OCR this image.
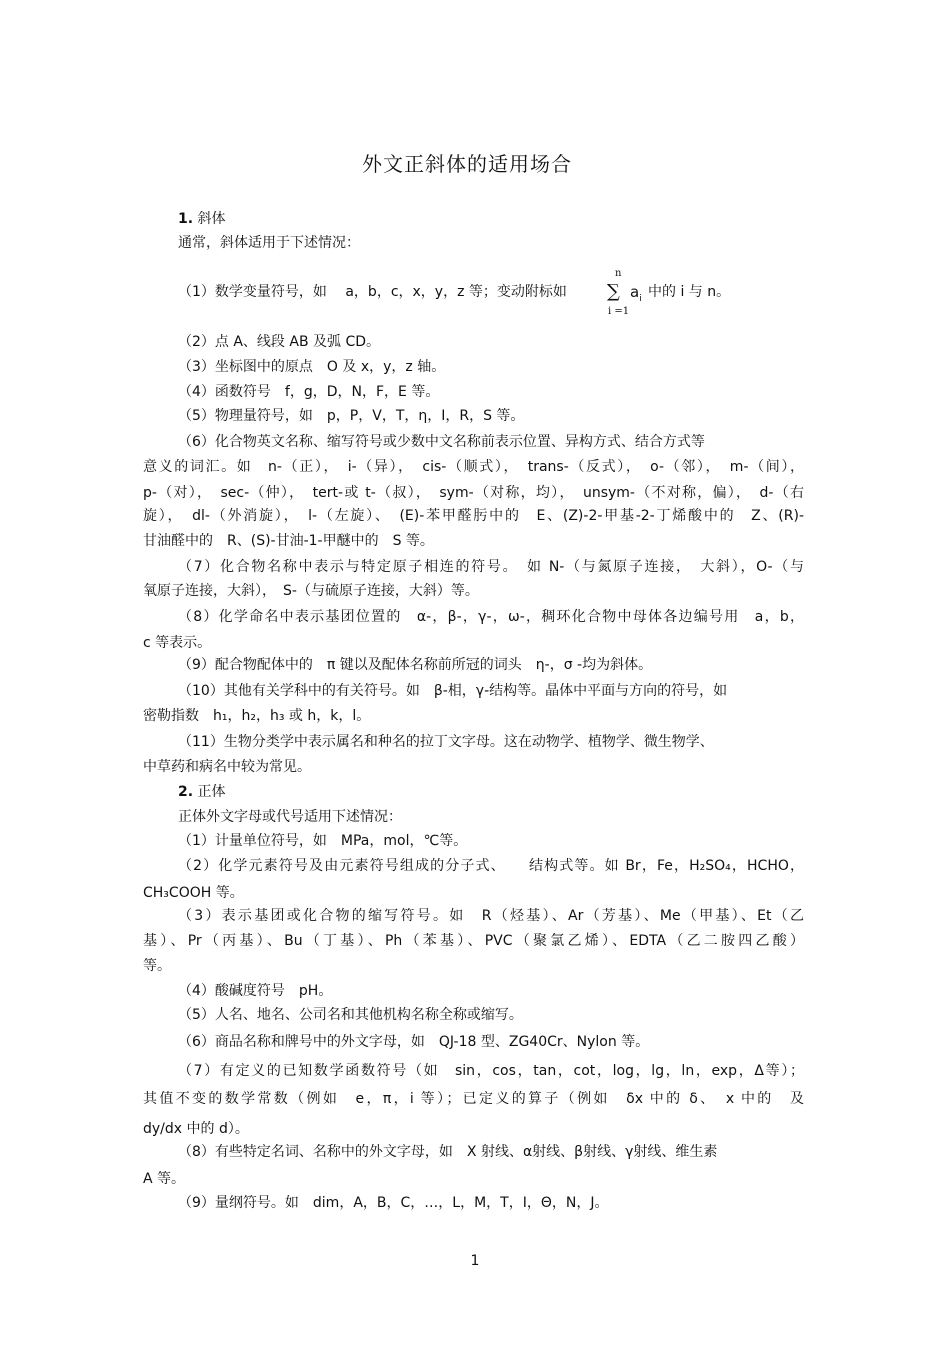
外文正斜体的适用场合
1. 斜体
通常，斜体适用于下述情况：
（1）数学变量符号，如　 a，b，c，x，y，z 等；变动附标如
n
∑
i =1
$a_i$ 中的 i 与 n。
（2）点 A、线段 AB 及弧 CD。
（3）坐标图中的原点　O 及 x，y，z 轴。
（4）函数符号　f，g，D，N，F，E 等。
（5）物理量符号，如　p，P，V，T，η，I，R，S 等。
（6）化合物英文名称、缩写符号或少数中文名称前表示位置、异构方式、结合方式等
意义的词汇。如　n-（正），　i-（异），　cis-（顺式），　trans-（反式），　o-（邻），　m-（间），
p-（对），　sec-（仲），　tert-或 t-（叔），　sym-（对称，均），　unsym-（不对称，偏），　d-（右
旋），　dl-（外消旋），　l-（左旋）、　(E)-苯甲醛肟中的　E、(Z)-2-甲基-2-丁烯酸中的　Z、(R)-
甘油醛中的　R、(S)-甘油-1-甲醚中的　S 等。
（7）化合物名称中表示与特定原子相连的符号。　如 N-（与氮原子连接，　大斜），O-（与
氧原子连接，大斜），　S-（与硫原子连接，大斜）等。
（8）化学命名中表示基团位置的　α-，β-，γ-，ω-，稠环化合物中母体各边编号用　a，b，
c 等表示。
（9）配合物配体中的　π 键以及配体名称前所冠的词头　η-，σ -均为斜体。
（10）其他有关学科中的有关符号。如　β-相，γ-结构等。晶体中平面与方向的符号，如
密勒指数　h₁，h₂，h₃ 或 h，k，l。
（11）生物分类学中表示属名和种名的拉丁文字母。这在动物学、植物学、微生物学、
中草药和病名中较为常见。
2. 正体
正体外文字母或代号适用下述情况：
（1）计量单位符号，如　MPa，mol，℃等。
（2）化学元素符号及由元素符号组成的分子式、　　结构式等。如 Br，Fe，H₂SO₄，HCHO，
CH₃COOH 等。
（3）表示基团或化合物的缩写符号。如　R（烃基）、Ar（芳基）、Me（甲基）、Et（乙
基）、Pr（丙基）、Bu（丁基）、Ph（苯基）、PVC（聚氯乙烯）、EDTA（乙二胺四乙酸）
等。
（4）酸碱度符号　pH。
（5）人名、地名、公司名和其他机构名称全称或缩写。
（6）商品名称和牌号中的外文字母，如　QJ-18 型、ZG40Cr、Nylon 等。
（7）有定义的已知数学函数符号（如　sin，cos，tan，cot，log，lg，ln，exp，Δ等）；
其值不变的数学常数（例如　e，π，i 等）；已定义的算子（例如　δx 中的 δ、　x 中的　及
dy/dx 中的 d）。
（8）有些特定名词、名称中的外文字母，如　X 射线、α射线、β射线、γ射线、维生素
A 等。
（9）量纲符号。如　dim，A，B，C，…，L，M，T，I，Θ，N，J。
1
